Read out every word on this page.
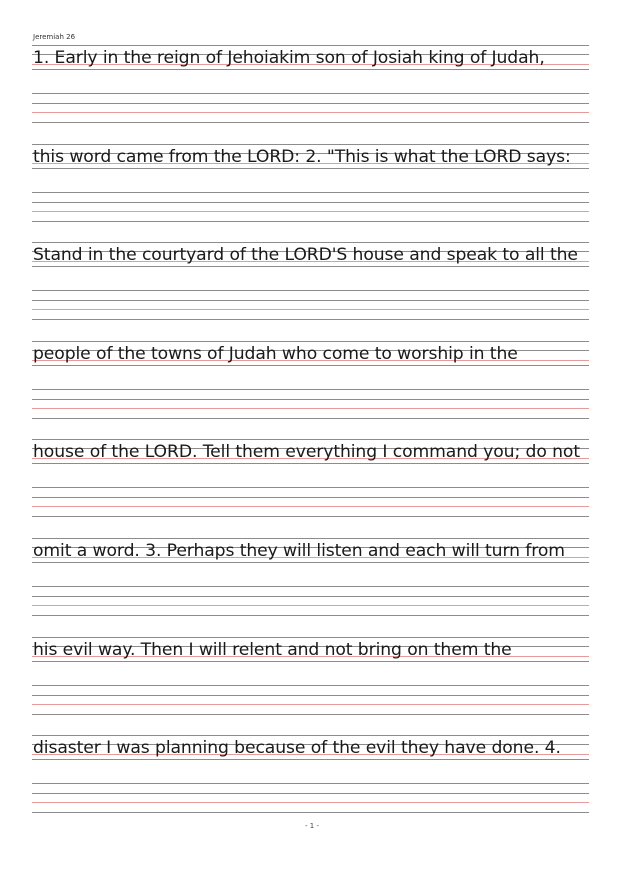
Jeremiah 26
1. Early in the reign of Jehoiakim son of Josiah king of Judah,
this word came from the LORD: 2. "This is what the LORD says:
Stand in the courtyard of the LORD'S house and speak to all the
people of the towns of Judah who come to worship in the
house of the LORD. Tell them everything I command you; do not
omit a word. 3. Perhaps they will listen and each will turn from
his evil way. Then I will relent and not bring on them the
disaster I was planning because of the evil they have done. 4.
- 1 -
